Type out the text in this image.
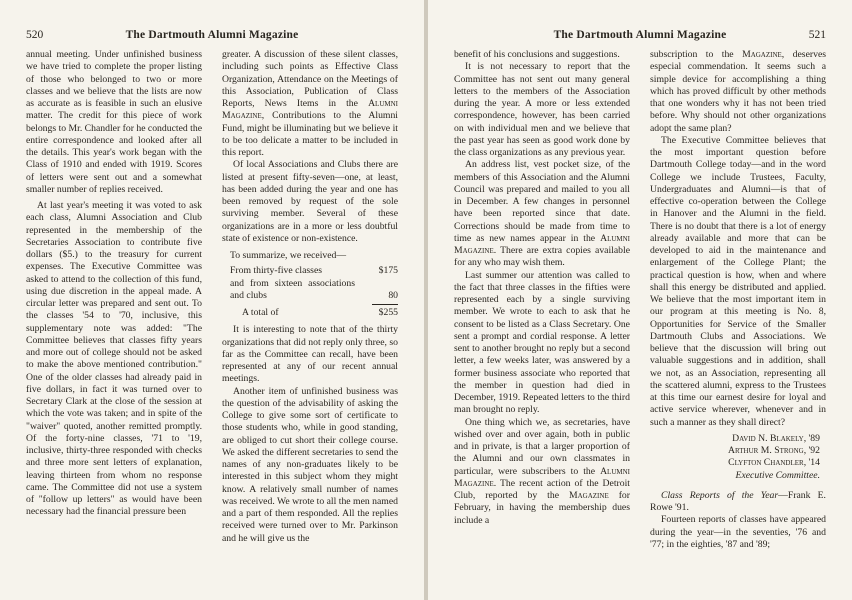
520	The Dartmouth Alumni Magazine

annual meeting. Under unfinished business we have tried to complete the proper listing of those who belonged to two or more classes and we believe that the lists are now as accurate as is feasible in such an elusive matter. The credit for this piece of work belongs to Mr. Chandler for he conducted the entire correspondence and looked after all the details. This year's work began with the Class of 1910 and ended with 1919. Scores of letters were sent out and a somewhat smaller number of replies received.

At last year's meeting it was voted to ask each class, Alumni Association and Club represented in the membership of the Secretaries Association to contribute five dollars ($5.) to the treasury for current expenses. The Executive Committee was asked to attend to the collection of this fund, using due discretion in the appeal made. A circular letter was prepared and sent out. To the classes '54 to '70, inclusive, this supplementary note was added: "The Committee believes that classes fifty years and more out of college should not be asked to make the above mentioned contribution." One of the older classes had already paid in five dollars, in fact it was turned over to Secretary Clark at the close of the session at which the vote was taken; and in spite of the "waiver" quoted, another remitted promptly. Of the forty-nine classes, '71 to '19, inclusive, thirty-three responded with checks and three more sent letters of explanation, leaving thirteen from whom no response came. The Committee did not use a system of "follow up letters" as would have been necessary had the financial pressure been

greater. A discussion of these silent classes, including such points as Effective Class Organization, Attendance on the Meetings of this Association, Publication of Class Reports, News Items in the Alumni Magazine, Contributions to the Alumni Fund, might be illuminating but we believe it to be too delicate a matter to be included in this report.

Of local Associations and Clubs there are listed at present fifty-seven—one, at least, has been added during the year and one has been removed by request of the sole surviving member. Several of these organizations are in a more or less doubtful state of existence or non-existence.

To summarize, we received—
From thirty-five classes	$175
and from sixteen associations and clubs	80
A total of	$255

It is interesting to note that of the thirty organizations that did not reply only three, so far as the Committee can recall, have been represented at any of our recent annual meetings.

Another item of unfinished business was the question of the advisability of asking the College to give some sort of certificate to those students who, while in good standing, are obliged to cut short their college course. We asked the different secretaries to send the names of any non-graduates likely to be interested in this subject whom they might know. A relatively small number of names was received. We wrote to all the men named and a part of them responded. All the replies received were turned over to Mr. Parkinson and he will give us the

The Dartmouth Alumni Magazine	521

benefit of his conclusions and suggestions.

It is not necessary to report that the Committee has not sent out many general letters to the members of the Association during the year. A more or less extended correspondence, however, has been carried on with individual men and we believe that the past year has seen as good work done by the class organizations as any previous year.

An address list, vest pocket size, of the members of this Association and the Alumni Council was prepared and mailed to you all in December. A few changes in personnel have been reported since that date. Corrections should be made from time to time as new names appear in the Alumni Magazine. There are extra copies available for any who may wish them.

Last summer our attention was called to the fact that three classes in the fifties were represented each by a single surviving member. We wrote to each to ask that he consent to be listed as a Class Secretary. One sent a prompt and cordial response. A letter sent to another brought no reply but a second letter, a few weeks later, was answered by a former business associate who reported that the member in question had died in December, 1919. Repeated letters to the third man brought no reply.

One thing which we, as secretaries, have wished over and over again, both in public and in private, is that a larger proportion of the Alumni and our own classmates in particular, were subscribers to the Alumni Magazine. The recent action of the Detroit Club, reported by the Magazine for February, in having the membership dues include a

subscription to the Magazine, deserves especial commendation. It seems such a simple device for accomplishing a thing which has proved difficult by other methods that one wonders why it has not been tried before. Why should not other organizations adopt the same plan?

The Executive Committee believes that the most important question before Dartmouth College today—and in the word College we include Trustees, Faculty, Undergraduates and Alumni—is that of effective co-operation between the College in Hanover and the Alumni in the field. There is no doubt that there is a lot of energy already available and more that can be developed to aid in the maintenance and enlargement of the College Plant; the practical question is how, when and where shall this energy be distributed and applied. We believe that the most important item in our program at this meeting is No. 8, Opportunities for Service of the Smaller Dartmouth Clubs and Associations. We believe that the discussion will bring out valuable suggestions and in addition, shall we not, as an Association, representing all the scattered alumni, express to the Trustees at this time our earnest desire for loyal and active service wherever, whenever and in such a manner as they shall direct?

David N. Blakely, '89
Arthur M. Strong, '92
Clyfton Chandler, '14
Executive Committee.

Class Reports of the Year—Frank E. Rowe '91.

Fourteen reports of classes have appeared during the year—in the seventies, '76 and '77; in the eighties, '87 and '89;
